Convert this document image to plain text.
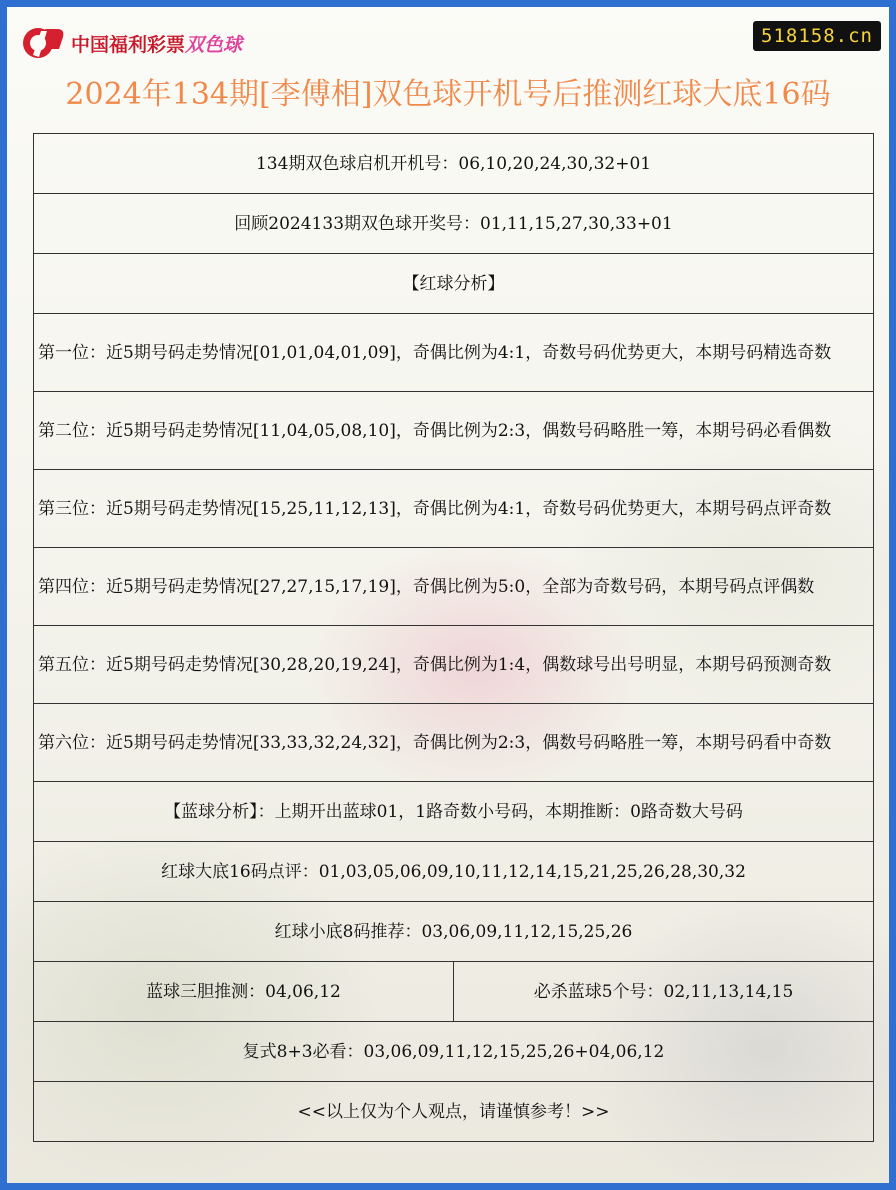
中国福利彩票双色球	518158.cn
2024年134期[李傅相]双色球开机号后推测红球大底16码
134期双色球启机开机号：06,10,20,24,30,32+01
回顾2024133期双色球开奖号：01,11,15,27,30,33+01
【红球分析】
第一位：近5期号码走势情况[01,01,04,01,09]，奇偶比例为4:1，奇数号码优势更大，本期号码精选奇数
第二位：近5期号码走势情况[11,04,05,08,10]，奇偶比例为2:3，偶数号码略胜一筹，本期号码必看偶数
第三位：近5期号码走势情况[15,25,11,12,13]，奇偶比例为4:1，奇数号码优势更大，本期号码点评奇数
第四位：近5期号码走势情况[27,27,15,17,19]，奇偶比例为5:0，全部为奇数号码，本期号码点评偶数
第五位：近5期号码走势情况[30,28,20,19,24]，奇偶比例为1:4，偶数球号出号明显，本期号码预测奇数
第六位：近5期号码走势情况[33,33,32,24,32]，奇偶比例为2:3，偶数号码略胜一筹，本期号码看中奇数
【蓝球分析】：上期开出蓝球01，1路奇数小号码，本期推断：0路奇数大号码
红球大底16码点评：01,03,05,06,09,10,11,12,14,15,21,25,26,28,30,32
红球小底8码推荐：03,06,09,11,12,15,25,26
蓝球三胆推测：04,06,12	必杀蓝球5个号：02,11,13,14,15
复式8+3必看：03,06,09,11,12,15,25,26+04,06,12
<<以上仅为个人观点，请谨慎参考！>>
